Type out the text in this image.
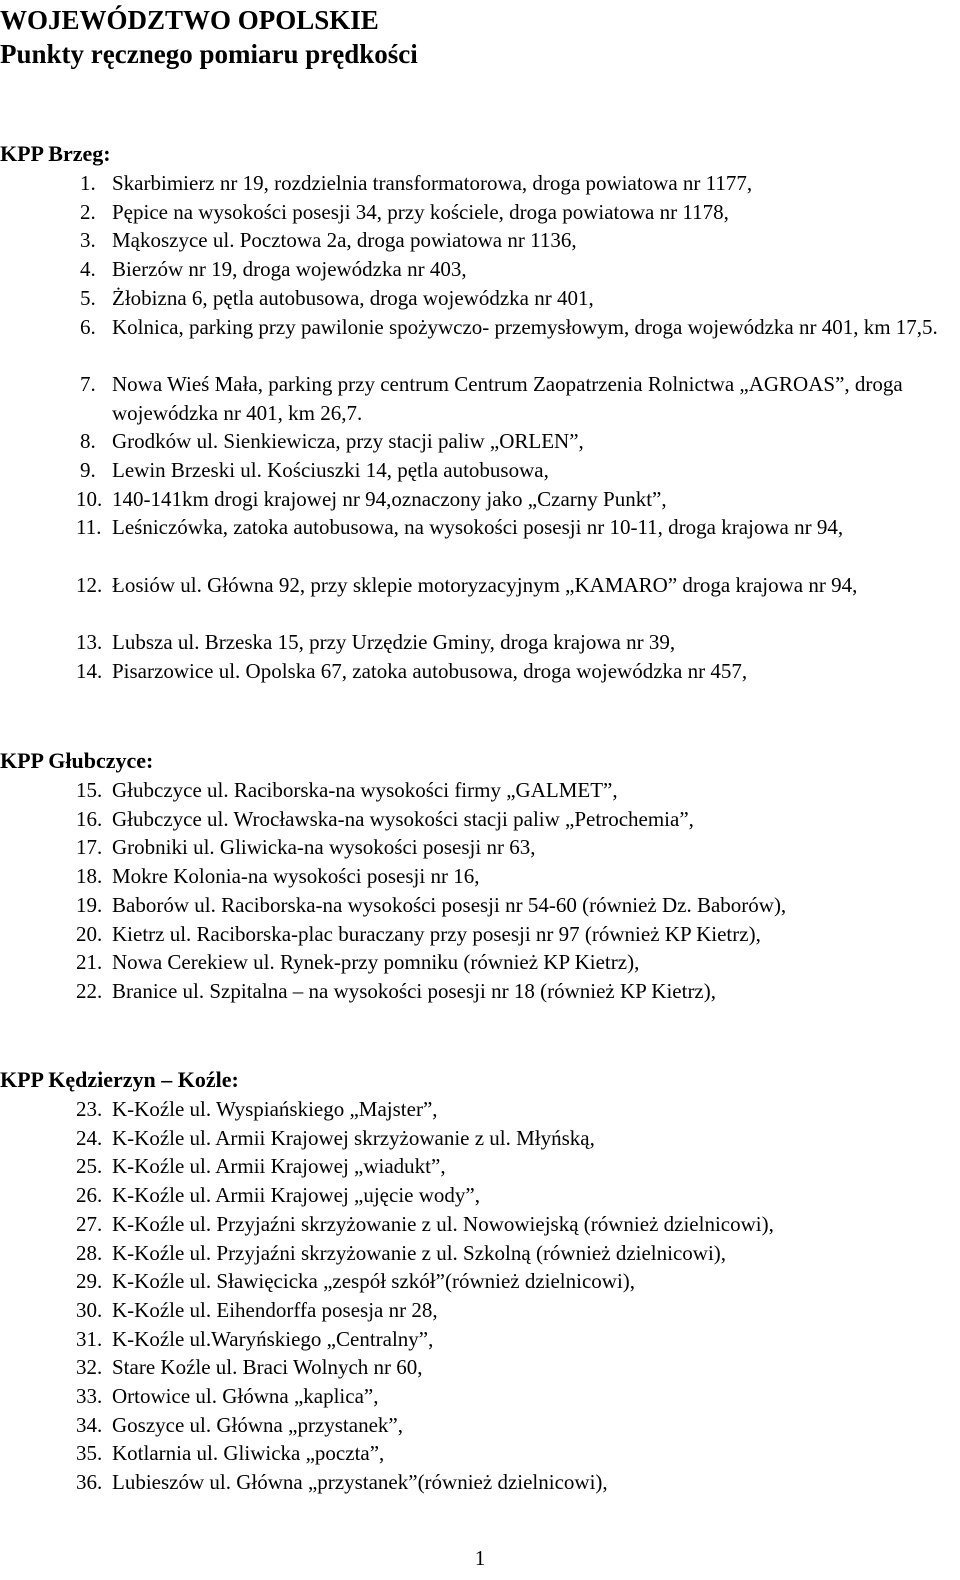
WOJEWÓDZTWO OPOLSKIE
Punkty ręcznego pomiaru prędkości
KPP Brzeg:
1. Skarbimierz nr 19, rozdzielnia transformatorowa, droga powiatowa nr 1177,
2. Pępice na wysokości posesji 34, przy kościele, droga powiatowa nr 1178,
3. Mąkoszyce ul. Pocztowa 2a, droga powiatowa nr 1136,
4. Bierzów nr 19, droga wojewódzka nr 403,
5. Żłobizna 6, pętla autobusowa, droga wojewódzka nr 401,
6. Kolnica, parking przy pawilonie spożywczo- przemysłowym, droga wojewódzka nr 401, km 17,5.
7. Nowa Wieś Mała, parking przy centrum Centrum Zaopatrzenia Rolnictwa „AGROAS”, droga wojewódzka nr 401, km 26,7.
8. Grodków ul. Sienkiewicza, przy stacji paliw „ORLEN”,
9. Lewin Brzeski ul. Kościuszki 14, pętla autobusowa,
10. 140-141km drogi krajowej nr 94,oznaczony jako „Czarny Punkt”,
11. Leśniczówka, zatoka autobusowa, na wysokości posesji nr 10-11, droga krajowa nr 94,
12. Łosiów ul. Główna 92, przy sklepie motoryzacyjnym „KAMARO” droga krajowa nr 94,
13. Lubsza ul. Brzeska 15, przy Urzędzie Gminy, droga krajowa nr 39,
14. Pisarzowice ul. Opolska 67, zatoka autobusowa, droga wojewódzka nr 457,
KPP Głubczyce:
15. Głubczyce ul. Raciborska-na wysokości firmy „GALMET”,
16. Głubczyce ul. Wrocławska-na wysokości stacji paliw „Petrochemia”,
17. Grobniki ul. Gliwicka-na wysokości posesji nr 63,
18. Mokre Kolonia-na wysokości posesji nr 16,
19. Baborów ul. Raciborska-na wysokości posesji nr 54-60 (również Dz. Baborów),
20. Kietrz ul. Raciborska-plac buraczany przy posesji nr 97 (również KP Kietrz),
21. Nowa Cerekiew ul. Rynek-przy pomniku (również KP Kietrz),
22. Branice ul. Szpitalna – na wysokości posesji nr 18 (również KP Kietrz),
KPP Kędzierzyn – Koźle:
23. K-Koźle ul. Wyspiańskiego „Majster”,
24. K-Koźle ul. Armii Krajowej skrzyżowanie z ul. Młyńską,
25. K-Koźle ul. Armii Krajowej „wiadukt”,
26. K-Koźle ul. Armii Krajowej „ujęcie wody”,
27. K-Koźle ul. Przyjaźni skrzyżowanie z ul. Nowowiejską (również dzielnicowi),
28. K-Koźle ul. Przyjaźni skrzyżowanie z ul. Szkolną (również dzielnicowi),
29. K-Koźle ul. Sławięcicka „zespół szkół”(również dzielnicowi),
30. K-Koźle ul. Eihendorffa posesja nr 28,
31. K-Koźle ul.Waryńskiego „Centralny”,
32. Stare Koźle ul. Braci Wolnych nr 60,
33. Ortowice ul. Główna „kaplica”,
34. Goszyce ul. Główna „przystanek”,
35. Kotlarnia ul. Gliwicka „poczta”,
36. Lubieszów ul. Główna „przystanek”(również dzielnicowi),
1
